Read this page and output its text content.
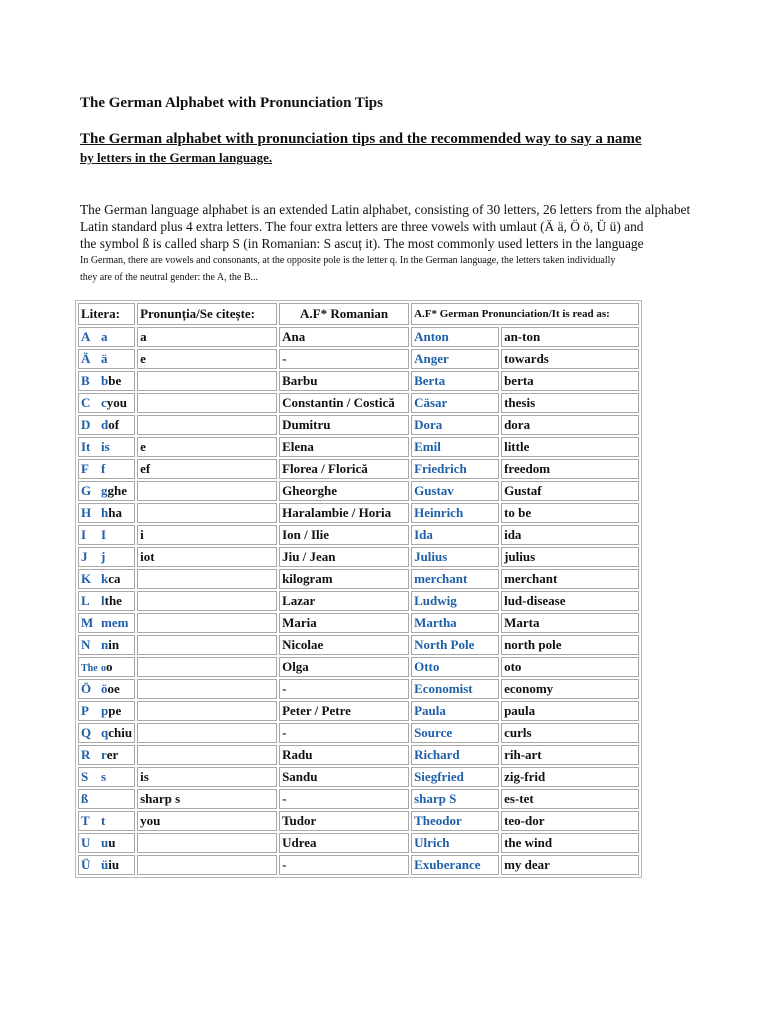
The German Alphabet with Pronunciation Tips
The German alphabet with pronunciation tips and the recommended way to say a name
by letters in the German language.
The German language alphabet is an extended Latin alphabet, consisting of 30 letters, 26 letters from the alphabet
Latin standard plus 4 extra letters. The four extra letters are three vowels with umlaut (Ä ä, Ö ö, Ü ü) and
the symbol ß is called sharp S (in Romanian: S ascuț it). The most commonly used letters in the language
In German, there are vowels and consonants, at the opposite pole is the letter q. In the German language, the letters taken individually
they are of the neutral gender: the A, the B...
Litera:	Pronunția/Se citește:	A.F* Romanian	A.F* German Pronunciation/It is read as:	
A a	a	Ana	Anton	an-ton
Ä ä	e	-	Anger	towards
B bbe		Barbu	Berta	berta
C cyou		Constantin / Costică	Cäsar	thesis
D dof		Dumitru	Dora	dora
It is	e	Elena	Emil	little
F f	ef	Florea / Florică	Friedrich	freedom
G gghe		Gheorghe	Gustav	Gustaf
H hha		Haralambie / Horia	Heinrich	to be
I I	i	Ion / Ilie	Ida	ida
J j	iot	Jiu / Jean	Julius	julius
K kca		kilogram	merchant	merchant
L lthe		Lazar	Ludwig	lud-disease
M mem		Maria	Martha	Marta
N nin		Nicolae	North Pole	north pole
The oo		Olga	Otto	oto
Ö öoe		-	Economist	economy
P ppe		Peter / Petre	Paula	paula
Q qchiu		-	Source	curls
R rer		Radu	Richard	rih-art
S s	is	Sandu	Siegfried	zig-frid
ß	sharp s	-	sharp S	es-tet
T t	you	Tudor	Theodor	teo-dor
U uu		Udrea	Ulrich	the wind
Ü üiu		-	Exuberance	my dear
